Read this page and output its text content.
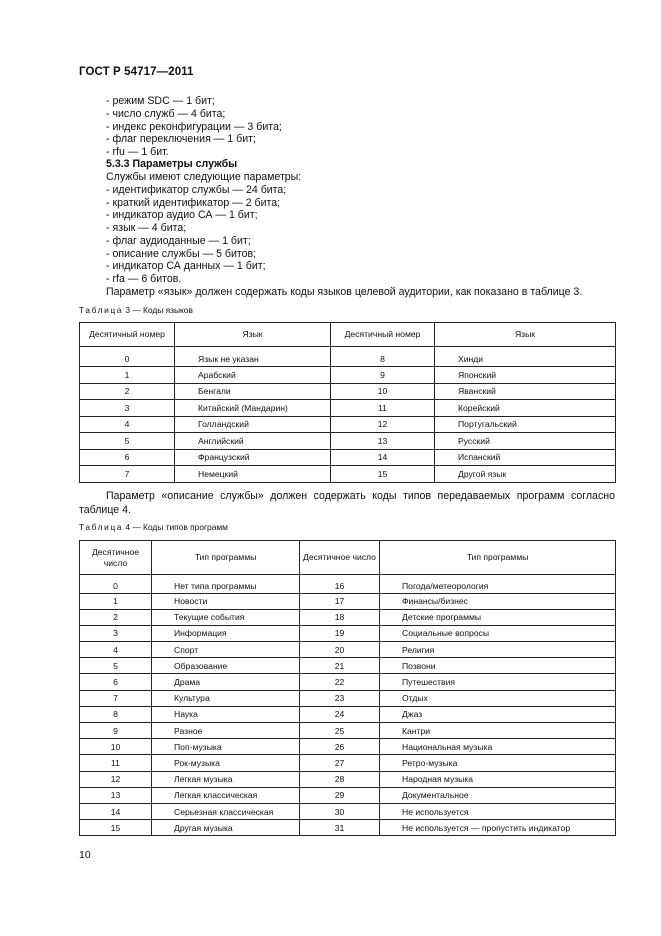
ГОСТ Р 54717—2011
- режим SDC — 1 бит;
- число служб — 4 бита;
- индекс реконфигурации — 3 бита;
- флаг переключения — 1 бит;
- rfu — 1 бит.
5.3.3 Параметры службы
Службы имеют следующие параметры:
- идентификатор службы — 24 бита;
- краткий идентификатор — 2 бита;
- индикатор аудио СА — 1 бит;
- язык — 4 бита;
- флаг аудиоданные — 1 бит;
- описание службы — 5 битов;
- индикатор СА данных — 1 бит;
- rfa — 6 битов.
Параметр «язык» должен содержать коды языков целевой аудитории, как показано в таблице 3.
Таблица 3 — Коды языков
Десятичный номер	Язык	Десятичный номер	Язык
0	Язык не указан	8	Хинди
1	Арабский	9	Японский
2	Бенгали	10	Яванский
3	Китайский (Мандарин)	11	Корейский
4	Голландский	12	Португальский
5	Английский	13	Русский
6	Французский	14	Испанский
7	Немецкий	15	Другой язык
Параметр «описание службы» должен содержать коды типов передаваемых программ согласно таблице 4.
Таблица 4 — Коды типов программ
Десятичное число	Тип программы	Десятичное число	Тип программы
0	Нет типа программы	16	Погода/метеорология
1	Новости	17	Финансы/бизнес
2	Текущие события	18	Детские программы
3	Информация	19	Социальные вопросы
4	Спорт	20	Религия
5	Образование	21	Позвони
6	Драма	22	Путешествия
7	Культура	23	Отдых
8	Наука	24	Джаз
9	Разное	25	Кантри
10	Поп-музыка	26	Национальная музыка
11	Рок-музыка	27	Ретро-музыка
12	Легкая музыка	28	Народная музыка
13	Легкая классическая	29	Документальное
14	Серьезная классическая	30	Не используется
15	Другая музыка	31	Не используется — пропустить индикатор
10
